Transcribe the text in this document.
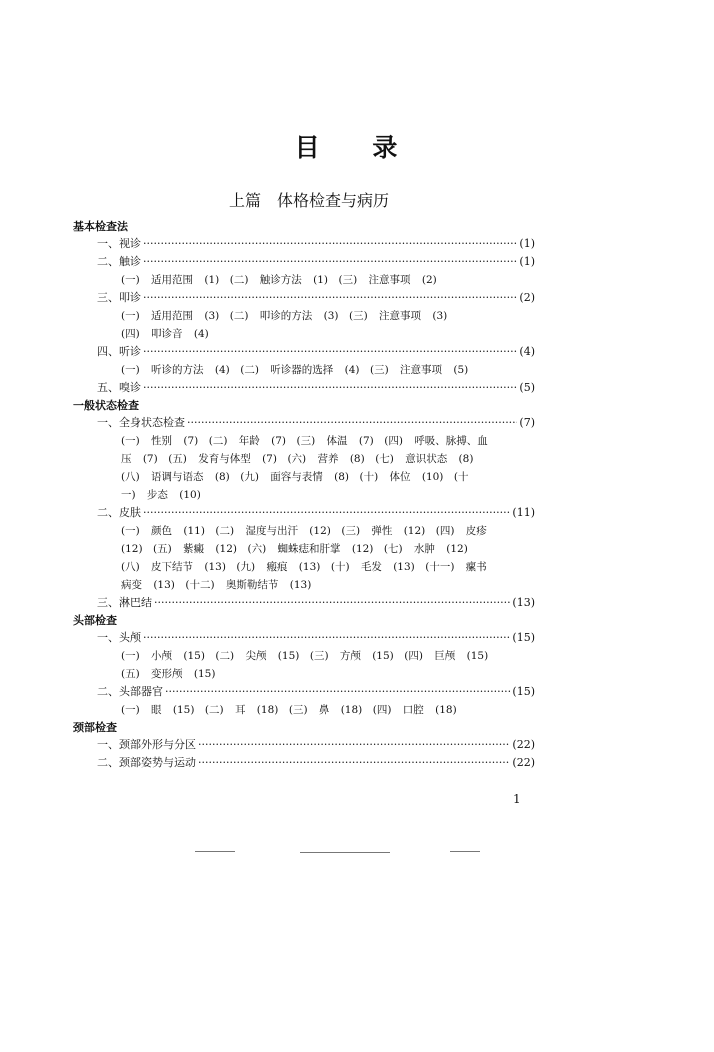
目 录
上篇　体格检查与病历
基本检查法
一、视诊 ·····	(1)
二、触诊 ·····	(1)
(一) 适用范围 (1)　(二) 触诊方法 (1)　(三) 注意事项 (2)
三、叩诊 ·····	(2)
(一) 适用范围 (3)　(二) 叩诊的方法 (3)　(三) 注意事项 (3)
(四) 叩诊音 (4)
四、听诊 ·····	(4)
(一) 听诊的方法 (4)　(二) 听诊器的选择 (4)　(三) 注意事项 (5)
五、嗅诊 ·····	(5)
一般状态检查
一、全身状态检查 ·····	(7)
(一) 性别 (7)　(二) 年龄 (7)　(三) 体温 (7)　(四) 呼吸、脉搏、血
压 (7)　(五) 发育与体型 (7)　(六) 营养 (8)　(七) 意识状态 (8)
(八) 语调与语态 (8)　(九) 面容与表情 (8)　(十) 体位 (10)　(十
一) 步态 (10)
二、皮肤 ·····	(11)
(一) 颜色 (11)　(二) 湿度与出汗 (12)　(三) 弹性 (12)　(四) 皮疹
(12)　(五) 紫癜 (12)　(六) 蜘蛛痣和肝掌 (12)　(七) 水肿 (12)
(八) 皮下结节 (13)　(九) 瘢痕 (13)　(十) 毛发 (13)　(十一) 瘰书
病变 (13)　(十二) 奥斯勒结节 (13)
三、淋巴结 ·····	(13)
头部检查
一、头颅 ·····	(15)
(一) 小颅 (15)　(二) 尖颅 (15)　(三) 方颅 (15)　(四) 巨颅 (15)
(五) 变形颅 (15)
二、头部器官 ·····	(15)
(一) 眼 (15)　(二) 耳 (18)　(三) 鼻 (18)　(四) 口腔 (18)
颈部检查
一、颈部外形与分区 ·····	(22)
二、颈部姿势与运动 ·····	(22)
1
